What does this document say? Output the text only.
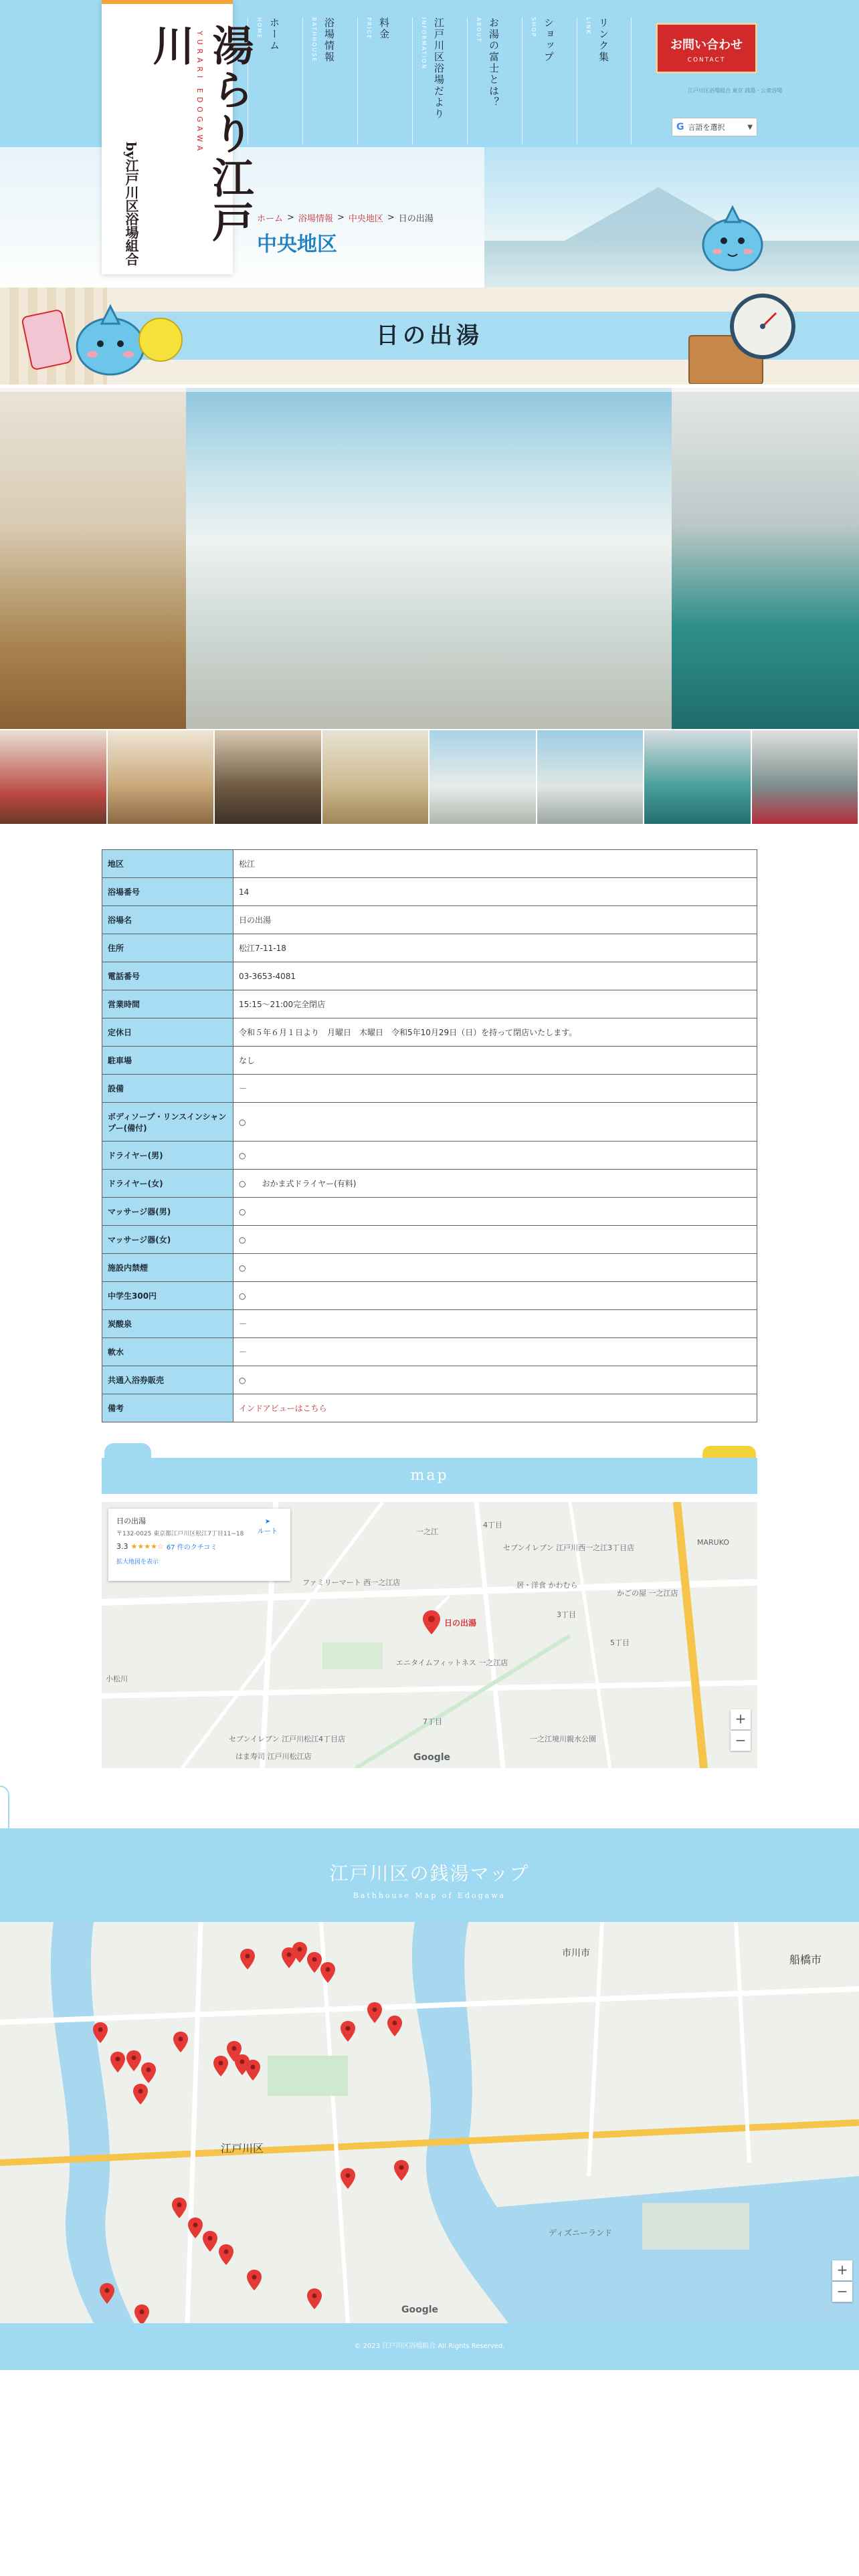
ホーム
HOME	浴場情報
BATHHOUSE	料金
PRICE	江戸川区浴場だより
INFORMATION	お湯の富士とは？
ABOUT	ショップ
SHOP	リンク集
LINK
お問い合わせ
CONTACT
江戸川区浴場組合 東京 銭湯・公衆浴場
G 言語を選択	▼
湯らり江戸川
by江戸川区浴場組合
YURARI EDOGAWA
ホーム > 浴場情報 > 中央地区 > 日の出湯
中央地区
日の出湯
地区	松江
浴場番号	14
浴場名	日の出湯
住所	松江7-11-18
電話番号	03-3653-4081
営業時間	15:15～21:00完全閉店
定休日	令和５年６月１日より　月曜日　木曜日　令和5年10月29日（日）を持って閉店いたします。
駐車場	なし
設備	－
ボディソープ・リンスインシャンプー(備付)	○
ドライヤー(男)	○
ドライヤー(女)	○　　おかま式ドライヤー(有料)
マッサージ器(男)	○
マッサージ器(女)	○
施設内禁煙	○
中学生300円	○
炭酸泉	－
軟水	－
共通入浴券販売	○
備考	インドアビューはこちら
map
日の出湯
〒132-0025 東京都江戸川区松江7丁目11−18
3.3 ★★★★☆ 67 件のクチコミ
拡大地図を表示
➤
ルート
日の出湯
一之江
4丁目
3丁目
5丁目
7丁目
小松川
セブンイレブン 江戸川西一之江3丁目店
ファミリーマート 西一之江店	居・洋食 かわむら
かごの屋 一之江店
エニタイムフィットネス 一之江店
セブンイレブン 江戸川松江4丁目店
はま寿司 江戸川松江店
一之江境川親水公園
MARUKO
Google
+
−
江戸川区の銭湯マップ
Bathhouse Map of Edogawa
江戸川区
船橋市
市川市
ディズニーランド
Google
+
−
© 2023 江戸川区浴場組合 All Rights Reserved.
